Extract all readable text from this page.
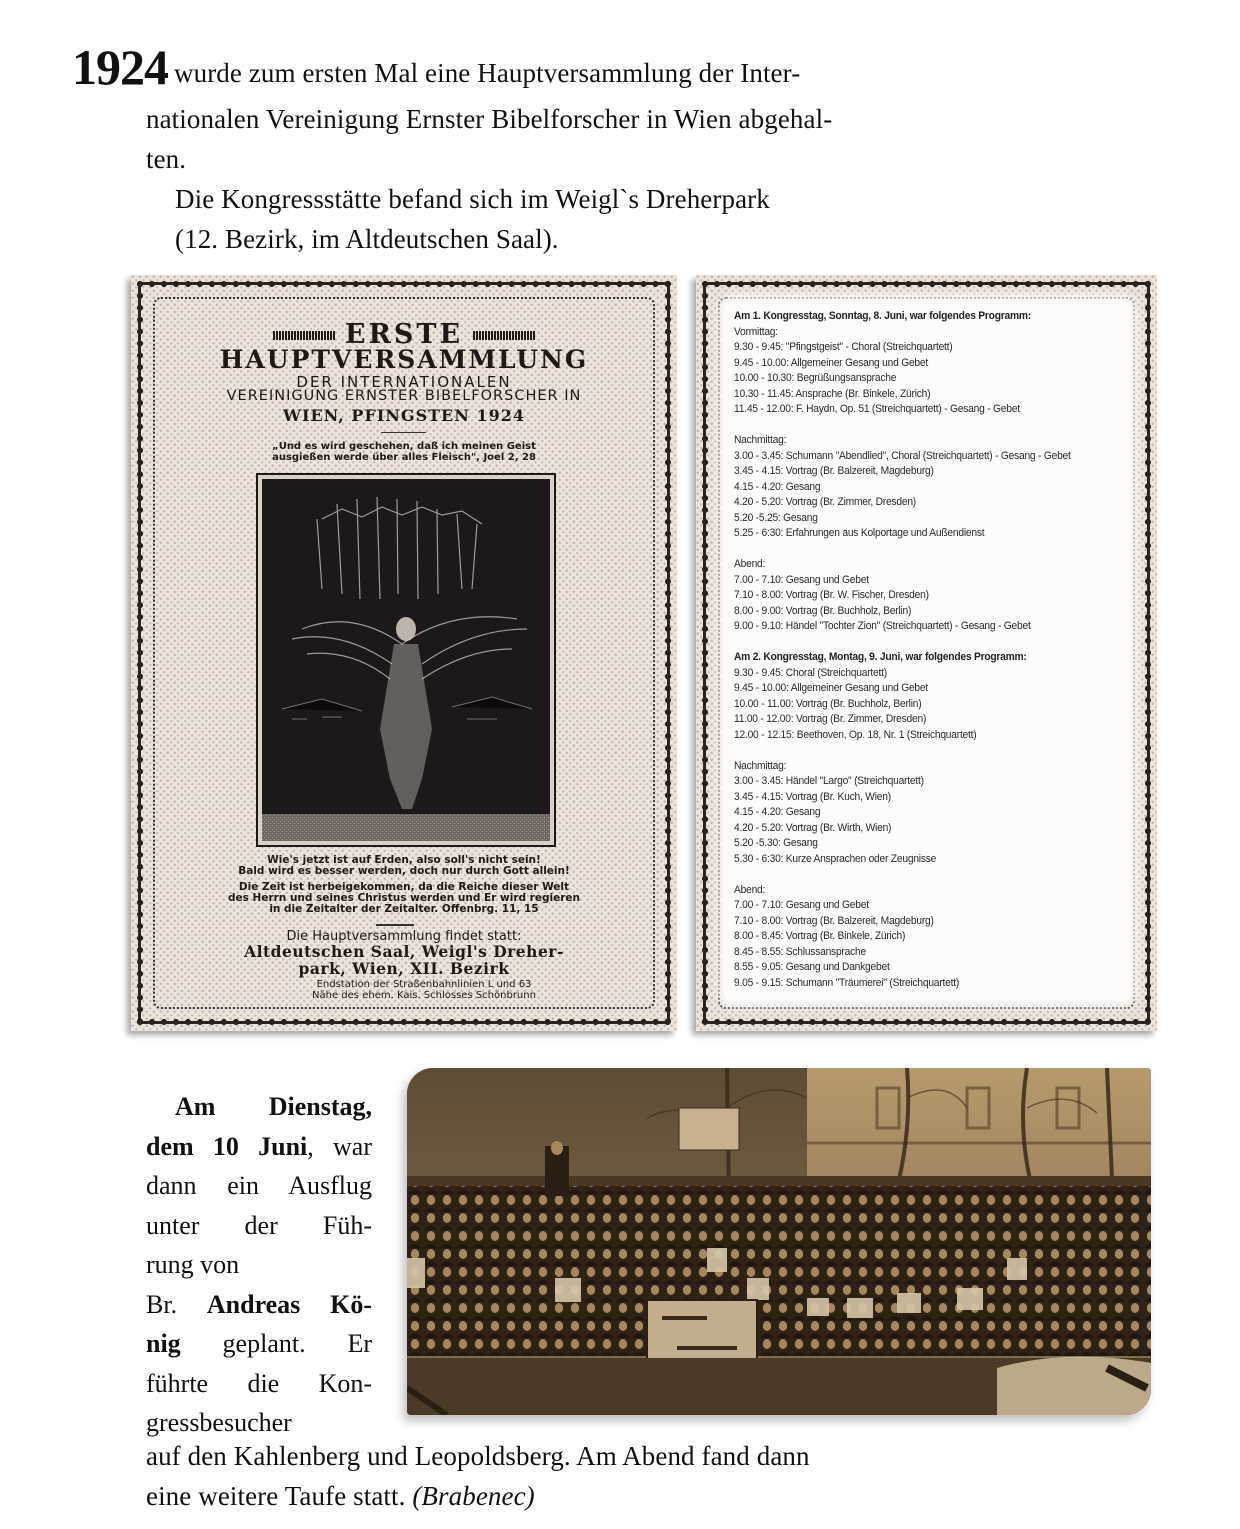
1924 wurde zum ersten Mal eine Hauptversammlung der Inter-
nationalen Vereinigung Ernster Bibelforscher in Wien abgehal-
ten.
Die Kongressstätte befand sich im Weigl`s Dreherpark
(12. Bezirk, im Altdeutschen Saal).
ERSTE
HAUPTVERSAMMLUNG
DER INTERNATIONALEN
VEREINIGUNG ERNSTER BIBELFORSCHER IN
WIEN, PFINGSTEN 1924
„Und es wird geschehen, daß ich meinen Geist
ausgießen werde über alles Fleisch", Joel 2, 28
Wie's jetzt ist auf Erden, also soll's nicht sein!
Bald wird es besser werden, doch nur durch Gott allein!
Die Zeit ist herbeigekommen, da die Reiche dieser Welt
des Herrn und seines Christus werden und Er wird regieren
in die Zeitalter der Zeitalter. Offenbrg. 11, 15
Die Hauptversammlung findet statt:
Altdeutschen Saal, Weigl's Dreher-
park, Wien, XII. Bezirk
Endstation der Straßenbahnlinien L und 63
Nähe des ehem. Kais. Schlosses Schönbrunn
Am 1. Kongresstag, Sonntag, 8. Juni, war folgendes Programm:
Vormittag:
9.30 - 9.45: "Pfingstgeist" - Choral (Streichquartett)
9.45 - 10.00: Allgemeiner Gesang und Gebet
10.00 - 10.30: Begrüßungsansprache
10.30 - 11.45: Ansprache (Br. Binkele, Zürich)
11.45 - 12.00: F. Haydn, Op. 51 (Streichquartett) - Gesang - Gebet
Nachmittag:
3.00 - 3.45: Schumann "Abendlied", Choral (Streichquartett) - Gesang - Gebet
3.45 - 4.15: Vortrag (Br. Balzereit, Magdeburg)
4.15 - 4.20: Gesang
4.20 - 5.20: Vortrag (Br. Zimmer, Dresden)
5.20 -5.25: Gesang
5.25 - 6:30: Erfahrungen aus Kolportage und Außendienst
Abend:
7.00 - 7.10: Gesang und Gebet
7.10 - 8.00: Vortrag (Br. W. Fischer, Dresden)
8.00 - 9.00: Vortrag (Br. Buchholz, Berlin)
9.00 - 9.10: Händel "Tochter Zion" (Streichquartett) - Gesang - Gebet
Am 2. Kongresstag, Montag, 9. Juni, war folgendes Programm:
9.30 - 9.45: Choral (Streichquartett)
9.45 - 10.00: Allgemeiner Gesang und Gebet
10.00 - 11.00: Vortrag (Br. Buchholz, Berlin)
11.00 - 12.00: Vortrag (Br. Zimmer, Dresden)
12.00 - 12.15: Beethoven, Op. 18, Nr. 1 (Streichquartett)
Nachmittag:
3.00 - 3.45: Händel "Largo" (Streichquartett)
3.45 - 4.15: Vortrag (Br. Kuch, Wien)
4.15 - 4.20: Gesang
4.20 - 5.20: Vortrag (Br. Wirth, Wien)
5.20 -5.30: Gesang
5.30 - 6:30: Kurze Ansprachen oder Zeugnisse
Abend:
7.00 - 7.10: Gesang und Gebet
7.10 - 8.00: Vortrag (Br. Balzereit, Magdeburg)
8.00 - 8.45: Vortrag (Br. Binkele, Zürich)
8.45 - 8.55: Schlussansprache
8.55 - 9.05: Gesang und Dankgebet
9.05 - 9.15: Schumann "Träumerei" (Streichquartett)
Am Dienstag,
dem 10 Juni, war
dann ein Ausflug
unter der Füh-
rung von
Br. Andreas Kö-
nig geplant. Er
führte die Kon-
gressbesucher
auf den Kahlenberg und Leopoldsberg. Am Abend fand dann
eine weitere Taufe statt. (Brabenec)
